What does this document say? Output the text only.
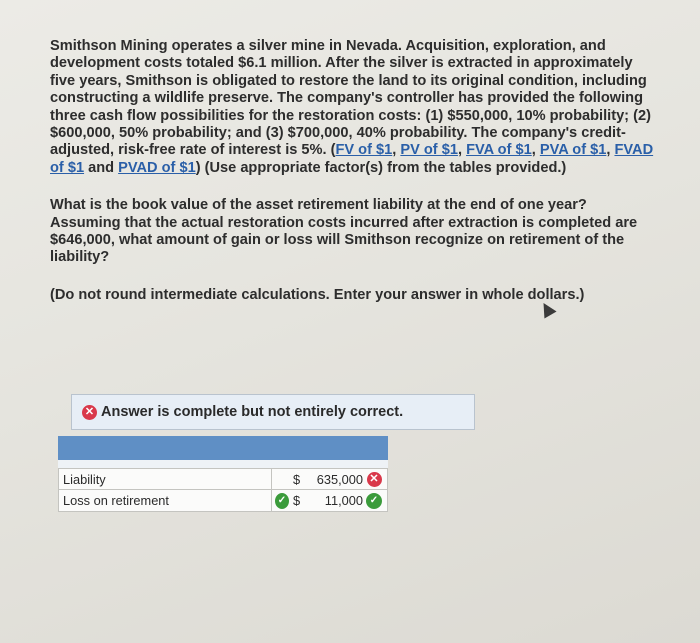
Smithson Mining operates a silver mine in Nevada. Acquisition, exploration, and development costs totaled $6.1 million. After the silver is extracted in approximately five years, Smithson is obligated to restore the land to its original condition, including constructing a wildlife preserve. The company's controller has provided the following three cash flow possibilities for the restoration costs: (1) $550,000, 10% probability; (2) $600,000, 50% probability; and (3) $700,000, 40% probability. The company's credit-adjusted, risk-free rate of interest is 5%. (FV of $1, PV of $1, FVA of $1, PVA of $1, FVAD of $1 and PVAD of $1) (Use appropriate factor(s) from the tables provided.)

What is the book value of the asset retirement liability at the end of one year? Assuming that the actual restoration costs incurred after extraction is completed are $646,000, what amount of gain or loss will Smithson recognize on retirement of the liability?

(Do not round intermediate calculations. Enter your answer in whole dollars.)

✕ Answer is complete but not entirely correct.
Liability	$	635,000 ✕
Loss on retirement	✓ $	11,000 ✓
